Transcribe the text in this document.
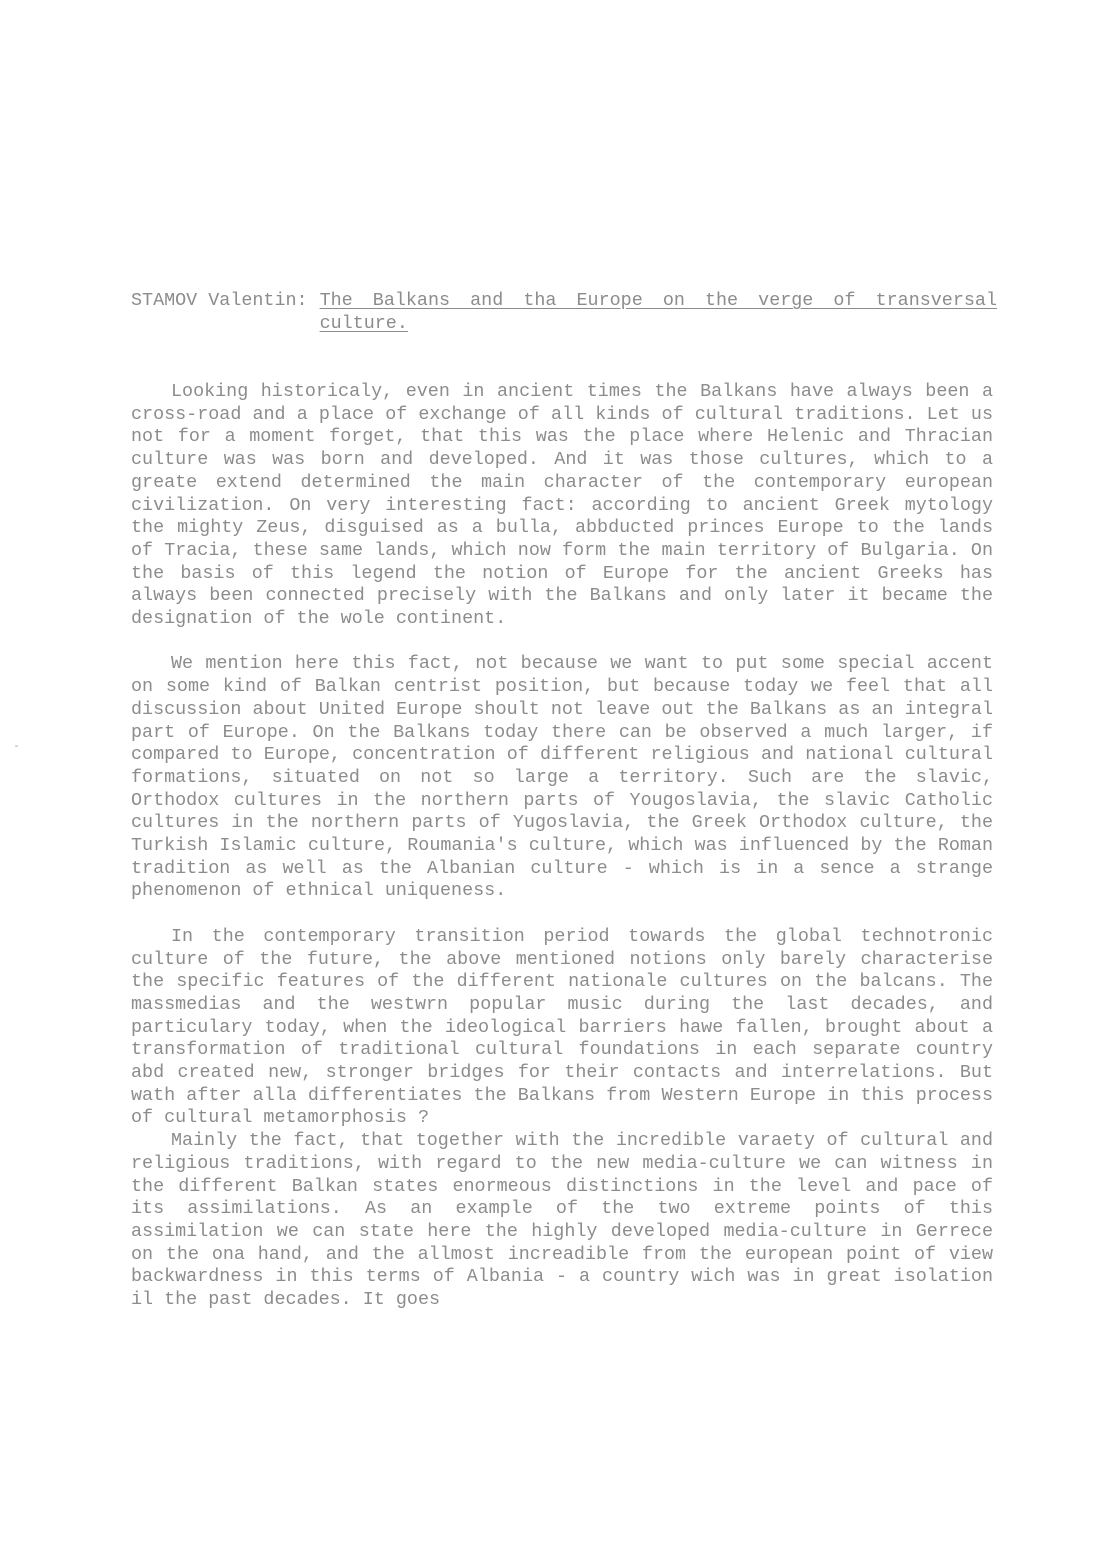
STAMOV Valentin: The Balkans and tha Europe on the verge of transversal culture.

Looking historicaly, even in ancient times the Balkans have always been a cross-road and a place of exchange of all kinds of cultural traditions. Let us not for a moment forget, that this was the place where Helenic and Thracian culture was was born and developed. And it was those cultures, which to a greate extend determined the main character of the contemporary european civilization. On very interesting fact: according to ancient Greek mytology the mighty Zeus, disguised as a bulla, abbducted princes Europe to the lands of Tracia, these same lands, which now form the main territory of Bulgaria. On the basis of this legend the notion of Europe for the ancient Greeks has always been connected precisely with the Balkans and only later it became the designation of the wole continent.

We mention here this fact, not because we want to put some special accent on some kind of Balkan centrist position, but because today we feel that all discussion about United Europe shoult not leave out the Balkans as an integral part of Europe. On the Balkans today there can be observed a much larger, if compared to Europe, concentration of different religious and national cultural formations, situated on not so large a territory. Such are the slavic, Orthodox cultures in the northern parts of Yougoslavia, the slavic Catholic cultures in the northern parts of Yugoslavia, the Greek Orthodox culture, the Turkish Islamic culture, Roumania's culture, which was influenced by the Roman tradition as well as the Albanian culture - which is in a sence a strange phenomenon of ethnical uniqueness.

In the contemporary transition period towards the global technotronic culture of the future, the above mentioned notions only barely characterise the specific features of the different nationale cultures on the balcans. The massmedias and the westwrn popular music during the last decades, and particulary today, when the ideological barriers hawe fallen, brought about a transformation of traditional cultural foundations in each separate country abd created new, stronger bridges for their contacts and interrelations. But wath after alla differentiates the Balkans from Western Europe in this process of cultural metamorphosis ?

Mainly the fact, that together with the incredible varaety of cultural and religious traditions, with regard to the new media-culture we can witness in the different Balkan states enormeous distinctions in the level and pace of its assimilations. As an example of the two extreme points of this assimilation we can state here the highly developed media-culture in Gerrece on the ona hand, and the allmost increadible from the european point of view backwardness in this terms of Albania - a country wich was in great isolation il the past decades. It goes
